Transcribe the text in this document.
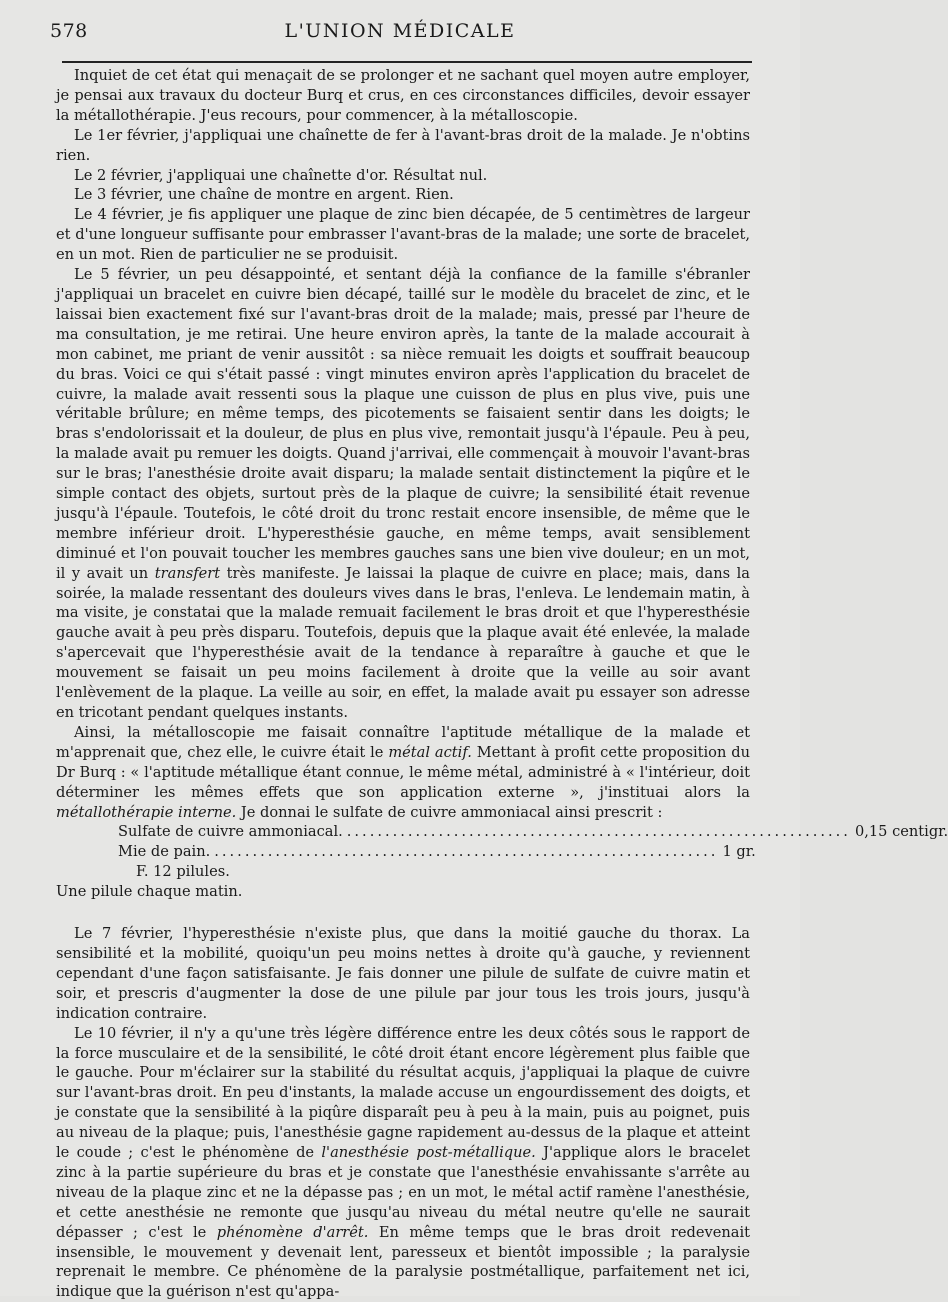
578	L'UNION MÉDICALE

Inquiet de cet état qui menaçait de se prolonger et ne sachant quel moyen autre employer, je pensai aux travaux du docteur Burq et crus, en ces circonstances difficiles, devoir essayer la métallothérapie. J'eus recours, pour commencer, à la métalloscopie.

Le 1er février, j'appliquai une chaînette de fer à l'avant-bras droit de la malade. Je n'obtins rien.

Le 2 février, j'appliquai une chaînette d'or. Résultat nul.

Le 3 février, une chaîne de montre en argent. Rien.

Le 4 février, je fis appliquer une plaque de zinc bien décapée, de 5 centimètres de largeur et d'une longueur suffisante pour embrasser l'avant-bras de la malade; une sorte de bracelet, en un mot. Rien de particulier ne se produisit.

Le 5 février, un peu désappointé, et sentant déjà la confiance de la famille s'ébranler j'appliquai un bracelet en cuivre bien décapé, taillé sur le modèle du bracelet de zinc, et le laissai bien exactement fixé sur l'avant-bras droit de la malade; mais, pressé par l'heure de ma consultation, je me retirai. Une heure environ après, la tante de la malade accourait à mon cabinet, me priant de venir aussitôt : sa nièce remuait les doigts et souffrait beaucoup du bras. Voici ce qui s'était passé : vingt minutes environ après l'application du bracelet de cuivre, la malade avait ressenti sous la plaque une cuisson de plus en plus vive, puis une véritable brûlure; en même temps, des picotements se faisaient sentir dans les doigts; le bras s'endolorissait et la douleur, de plus en plus vive, remontait jusqu'à l'épaule. Peu à peu, la malade avait pu remuer les doigts. Quand j'arrivai, elle commençait à mouvoir l'avant-bras sur le bras; l'anesthésie droite avait disparu; la malade sentait distinctement la piqûre et le simple contact des objets, surtout près de la plaque de cuivre; la sensibilité était revenue jusqu'à l'épaule. Toutefois, le côté droit du tronc restait encore insensible, de même que le membre inférieur droit. L'hyperesthésie gauche, en même temps, avait sensiblement diminué et l'on pouvait toucher les membres gauches sans une bien vive douleur; en un mot, il y avait un transfert très manifeste. Je laissai la plaque de cuivre en place; mais, dans la soirée, la malade ressentant des douleurs vives dans le bras, l'enleva. Le lendemain matin, à ma visite, je constatai que la malade remuait facilement le bras droit et que l'hyperesthésie gauche avait à peu près disparu. Toutefois, depuis que la plaque avait été enlevée, la malade s'apercevait que l'hyperesthésie avait de la tendance à reparaître à gauche et que le mouvement se faisait un peu moins facilement à droite que la veille au soir avant l'enlèvement de la plaque. La veille au soir, en effet, la malade avait pu essayer son adresse en tricotant pendant quelques instants.

Ainsi, la métalloscopie me faisait connaître l'aptitude métallique de la malade et m'apprenait que, chez elle, le cuivre était le métal actif. Mettant à profit cette proposition du Dr Burq : « l'aptitude métallique étant connue, le même métal, administré à « l'intérieur, doit déterminer les mêmes effets que son application externe », j'instituai alors la métallothérapie interne. Je donnai le sulfate de cuivre ammoniacal ainsi prescrit :

Sulfate de cuivre ammoniacal. .................................................................. 0,15 centigr.
Mie de pain. .................................................................. 1 gr.
F. 12 pilules.

Une pilule chaque matin.

Le 7 février, l'hyperesthésie n'existe plus, que dans la moitié gauche du thorax. La sensibilité et la mobilité, quoiqu'un peu moins nettes à droite qu'à gauche, y reviennent cependant d'une façon satisfaisante. Je fais donner une pilule de sulfate de cuivre matin et soir, et prescris d'augmenter la dose de une pilule par jour tous les trois jours, jusqu'à indication contraire.

Le 10 février, il n'y a qu'une très légère différence entre les deux côtés sous le rapport de la force musculaire et de la sensibilité, le côté droit étant encore légèrement plus faible que le gauche. Pour m'éclairer sur la stabilité du résultat acquis, j'appliquai la plaque de cuivre sur l'avant-bras droit. En peu d'instants, la malade accuse un engourdissement des doigts, et je constate que la sensibilité à la piqûre disparaît peu à peu à la main, puis au poignet, puis au niveau de la plaque; puis, l'anesthésie gagne rapidement au-dessus de la plaque et atteint le coude ; c'est le phénomène de l'anesthésie post-métallique. J'applique alors le bracelet zinc à la partie supérieure du bras et je constate que l'anesthésie envahissante s'arrête au niveau de la plaque zinc et ne la dépasse pas ; en un mot, le métal actif ramène l'anesthésie, et cette anesthésie ne remonte que jusqu'au niveau du métal neutre qu'elle ne saurait dépasser ; c'est le phénomène d'arrêt. En même temps que le bras droit redevenait insensible, le mouvement y devenait lent, paresseux et bientôt impossible ; la paralysie reprenait le membre. Ce phénomène de la paralysie postmétallique, parfaitement net ici, indique que la guérison n'est qu'appa-
